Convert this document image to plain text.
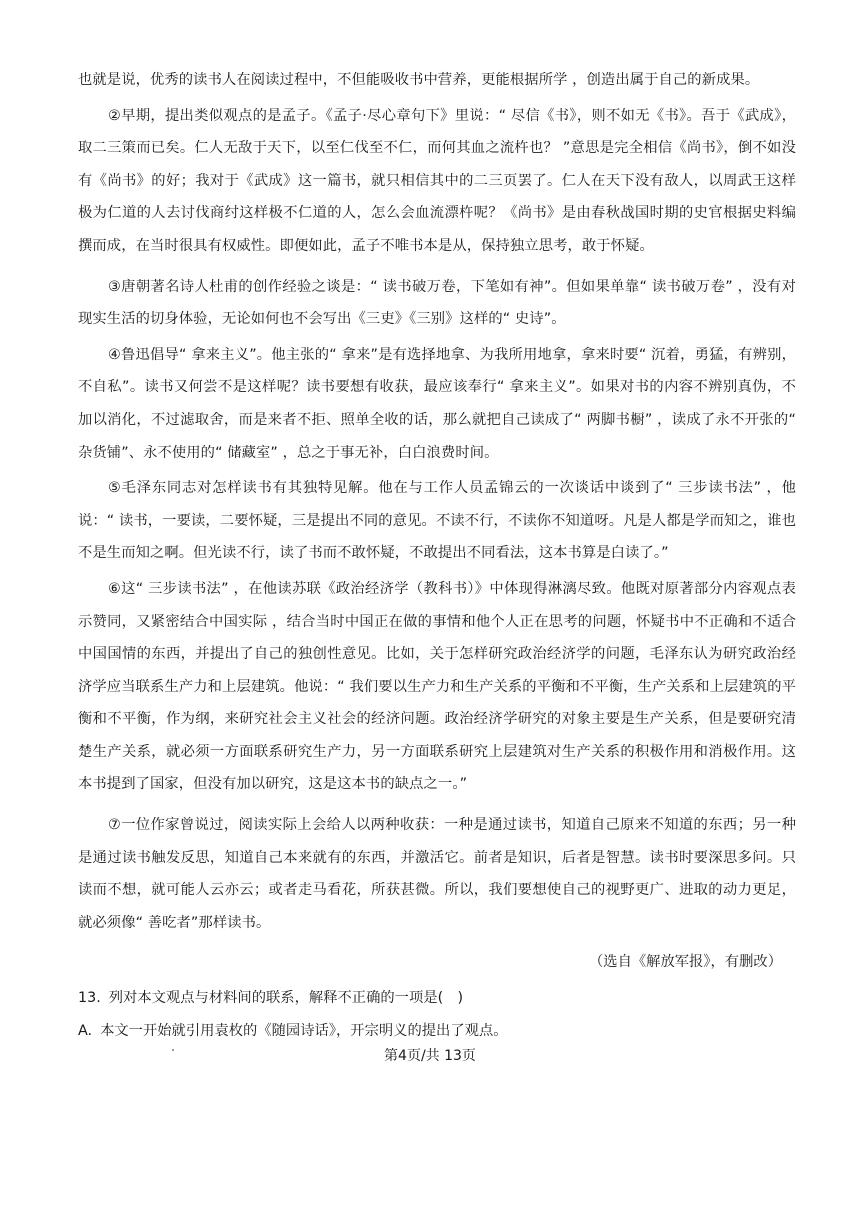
也就是说，优秀的读书人在阅读过程中，不但能吸收书中营养，更能根据所学 ，创造出属于自己的新成果。

②早期，提出类似观点的是孟子。《孟子·尽心章句下》里说：“ 尽信《书》，则不如无《书》。吾于《武成》，取二三策而已矣。仁人无敌于天下，以至仁伐至不仁，而何其血之流杵也？ ”意思是完全相信《尚书》，倒不如没有《尚书》的好；我对于《武成》这一篇书，就只相信其中的二三页罢了。仁人在天下没有敌人，以周武王这样极为仁道的人去讨伐商纣这样极不仁道的人，怎么会血流漂杵呢？《尚书》是由春秋战国时期的史官根据史料编撰而成，在当时很具有权威性。即便如此，孟子不唯书本是从，保持独立思考，敢于怀疑。

③唐朝著名诗人杜甫的创作经验之谈是：“ 读书破万卷，下笔如有神”。但如果单靠“ 读书破万卷” ，没有对现实生活的切身体验，无论如何也不会写出《三吏》《三别》这样的“ 史诗”。

④鲁迅倡导“ 拿来主义”。他主张的“ 拿来”是有选择地拿、为我所用地拿，拿来时要“ 沉着，勇猛，有辨别，不自私”。读书又何尝不是这样呢？读书要想有收获，最应该奉行“ 拿来主义”。如果对书的内容不辨别真伪，不加以消化，不过滤取舍，而是来者不拒、照单全收的话，那么就把自己读成了“ 两脚书橱” ，读成了永不开张的“ 杂货铺”、永不使用的“ 储藏室” ，总之于事无补，白白浪费时间。

⑤毛泽东同志对怎样读书有其独特见解。他在与工作人员孟锦云的一次谈话中谈到了“ 三步读书法” ，他说：“ 读书，一要读，二要怀疑，三是提出不同的意见。不读不行，不读你不知道呀。凡是人都是学而知之，谁也不是生而知之啊。但光读不行，读了书而不敢怀疑，不敢提出不同看法，这本书算是白读了。”

⑥这“ 三步读书法” ，在他读苏联《政治经济学（教科书）》中体现得淋漓尽致。他既对原著部分内容观点表示赞同，又紧密结合中国实际 ，结合当时中国正在做的事情和他个人正在思考的问题，怀疑书中不正确和不适合中国国情的东西，并提出了自己的独创性意见。比如，关于怎样研究政治经济学的问题，毛泽东认为研究政治经济学应当联系生产力和上层建筑。他说：“ 我们要以生产力和生产关系的平衡和不平衡，生产关系和上层建筑的平衡和不平衡，作为纲，来研究社会主义社会的经济问题。政治经济学研究的对象主要是生产关系，但是要研究清楚生产关系，就必须一方面联系研究生产力，另一方面联系研究上层建筑对生产关系的积极作用和消极作用。这本书提到了国家，但没有加以研究，这是这本书的缺点之一。”

⑦一位作家曾说过，阅读实际上会给人以两种收获：一种是通过读书，知道自己原来不知道的东西；另一种是通过读书触发反思，知道自己本来就有的东西，并激活它。前者是知识，后者是智慧。读书时要深思多问。只读而不想，就可能人云亦云；或者走马看花，所获甚微。所以，我们要想使自己的视野更广、进取的动力更足，就必须像“ 善吃者”那样读书。

（选自《解放军报》，有删改）

13. 列对本文观点与材料间的联系，解释不正确的一项是(　)

A. 本文一开始就引用袁枚的《随园诗话》，开宗明义的提出了观点。

第4页/共 13页
